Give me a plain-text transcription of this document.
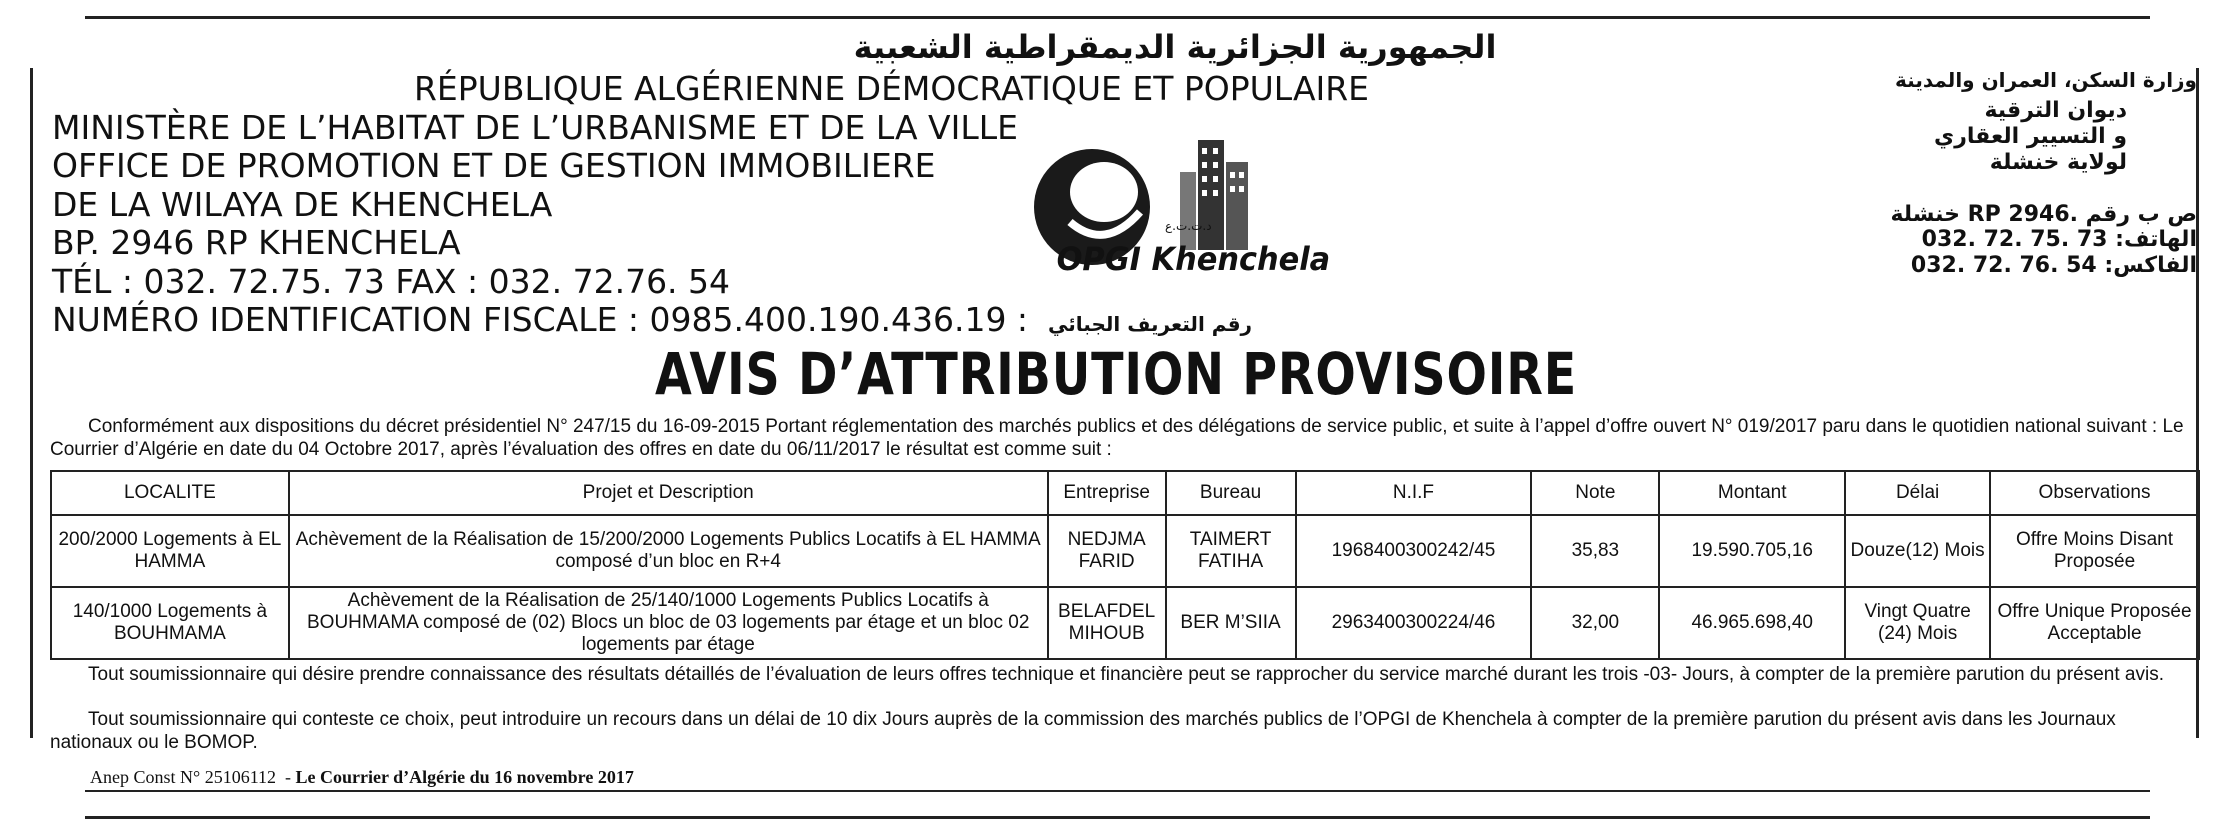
الجمهورية الجزائرية الديمقراطية الشعبية
RÉPUBLIQUE ALGÉRIENNE DÉMOCRATIQUE ET POPULAIRE
MINISTÈRE DE L’HABITAT DE L’URBANISME ET DE LA VILLE
OFFICE DE PROMOTION ET DE GESTION IMMOBILIERE
DE LA WILAYA DE KHENCHELA
BP. 2946 RP KHENCHELA
TÉL : 032. 72.75. 73 FAX : 032. 72.76. 54
NUMÉRO IDENTIFICATION FISCALE : 0985.400.190.436.19 : رقم التعريف الجبائي
وزارة السكن، العمران والمدينة
ديوان الترقية
و التسيير العقاري
لولاية خنشلة
ص ب رقم .RP 2946 خنشلة
الهاتف: 032. 72. 75. 73
الفاكس: 032. 72. 76. 54
د.ت.ت.ع
OPGI Khenchela
AVIS D’ATTRIBUTION PROVISOIRE
Conformément aux dispositions du décret présidentiel N° 247/15 du 16-09-2015 Portant réglementation des marchés publics et des délégations de service public, et suite à l’appel d’offre ouvert N° 019/2017 paru dans le quotidien national suivant : Le Courrier d’Algérie en date du 04 Octobre 2017, après l’évaluation des offres en date du 06/11/2017 le résultat est comme suit :
LOCALITE	Projet et Description	Entreprise	Bureau	N.I.F	Note	Montant	Délai	Observations
200/2000 Logements à EL HAMMA	Achèvement de la Réalisation de 15/200/2000 Logements Publics Locatifs à EL HAMMA composé d’un bloc en R+4	NEDJMA FARID	TAIMERT FATIHA	1968400300242/45	35,83	19.590.705,16	Douze(12) Mois	Offre Moins Disant Proposée
140/1000 Logements à BOUHMAMA	Achèvement de la Réalisation de 25/140/1000 Logements Publics Locatifs à BOUHMAMA composé de (02) Blocs un bloc de 03 logements par étage et un bloc 02 logements par étage	BELAFDEL MIHOUB	BER M’SIIA	2963400300224/46	32,00	46.965.698,40	Vingt Quatre (24) Mois	Offre Unique Proposée Acceptable
Tout soumissionnaire qui désire prendre connaissance des résultats détaillés de l’évaluation de leurs offres technique et financière peut se rapprocher du service marché durant les trois -03- Jours, à compter de la première parution du présent avis.
Tout soumissionnaire qui conteste ce choix, peut introduire un recours dans un délai de 10 dix Jours auprès de la commission des marchés publics de l’OPGI de Khenchela à compter de la première parution du présent avis dans les Journaux nationaux ou le BOMOP.
Anep Const N° 25106112  - Le Courrier d’Algérie du 16 novembre 2017
